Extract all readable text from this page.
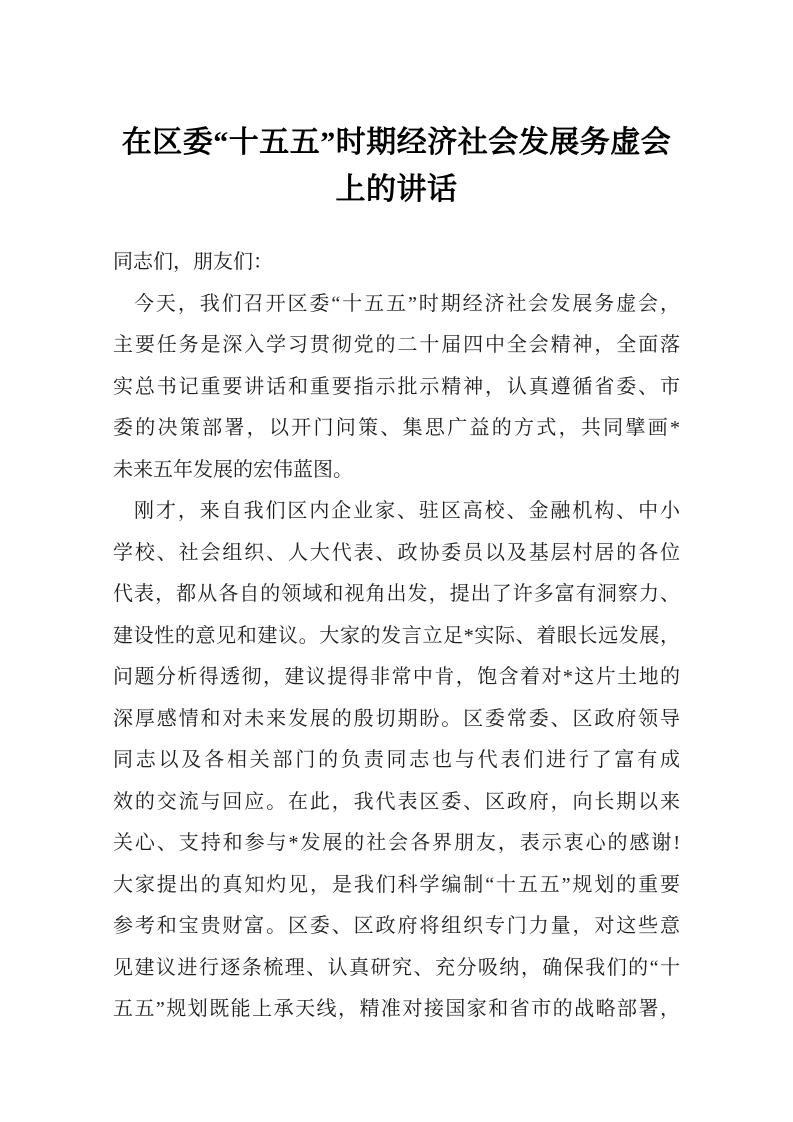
在区委“十五五”时期经济社会发展务虚会
上的讲话
同志们，朋友们：
今天，我们召开区委“十五五”时期经济社会发展务虚会，
主要任务是深入学习贯彻党的二十届四中全会精神，全面落
实总书记重要讲话和重要指示批示精神，认真遵循省委、市
委的决策部署，以开门问策、集思广益的方式，共同擘画*
未来五年发展的宏伟蓝图。
刚才，来自我们区内企业家、驻区高校、金融机构、中小
学校、社会组织、人大代表、政协委员以及基层村居的各位
代表，都从各自的领域和视角出发，提出了许多富有洞察力、
建设性的意见和建议。大家的发言立足*实际、着眼长远发展，
问题分析得透彻，建议提得非常中肯，饱含着对*这片土地的
深厚感情和对未来发展的殷切期盼。区委常委、区政府领导
同志以及各相关部门的负责同志也与代表们进行了富有成
效的交流与回应。在此，我代表区委、区政府，向长期以来
关心、支持和参与*发展的社会各界朋友，表示衷心的感谢!
大家提出的真知灼见，是我们科学编制“十五五”规划的重要
参考和宝贵财富。区委、区政府将组织专门力量，对这些意
见建议进行逐条梳理、认真研究、充分吸纳，确保我们的“十
五五”规划既能上承天线，精准对接国家和省市的战略部署，
